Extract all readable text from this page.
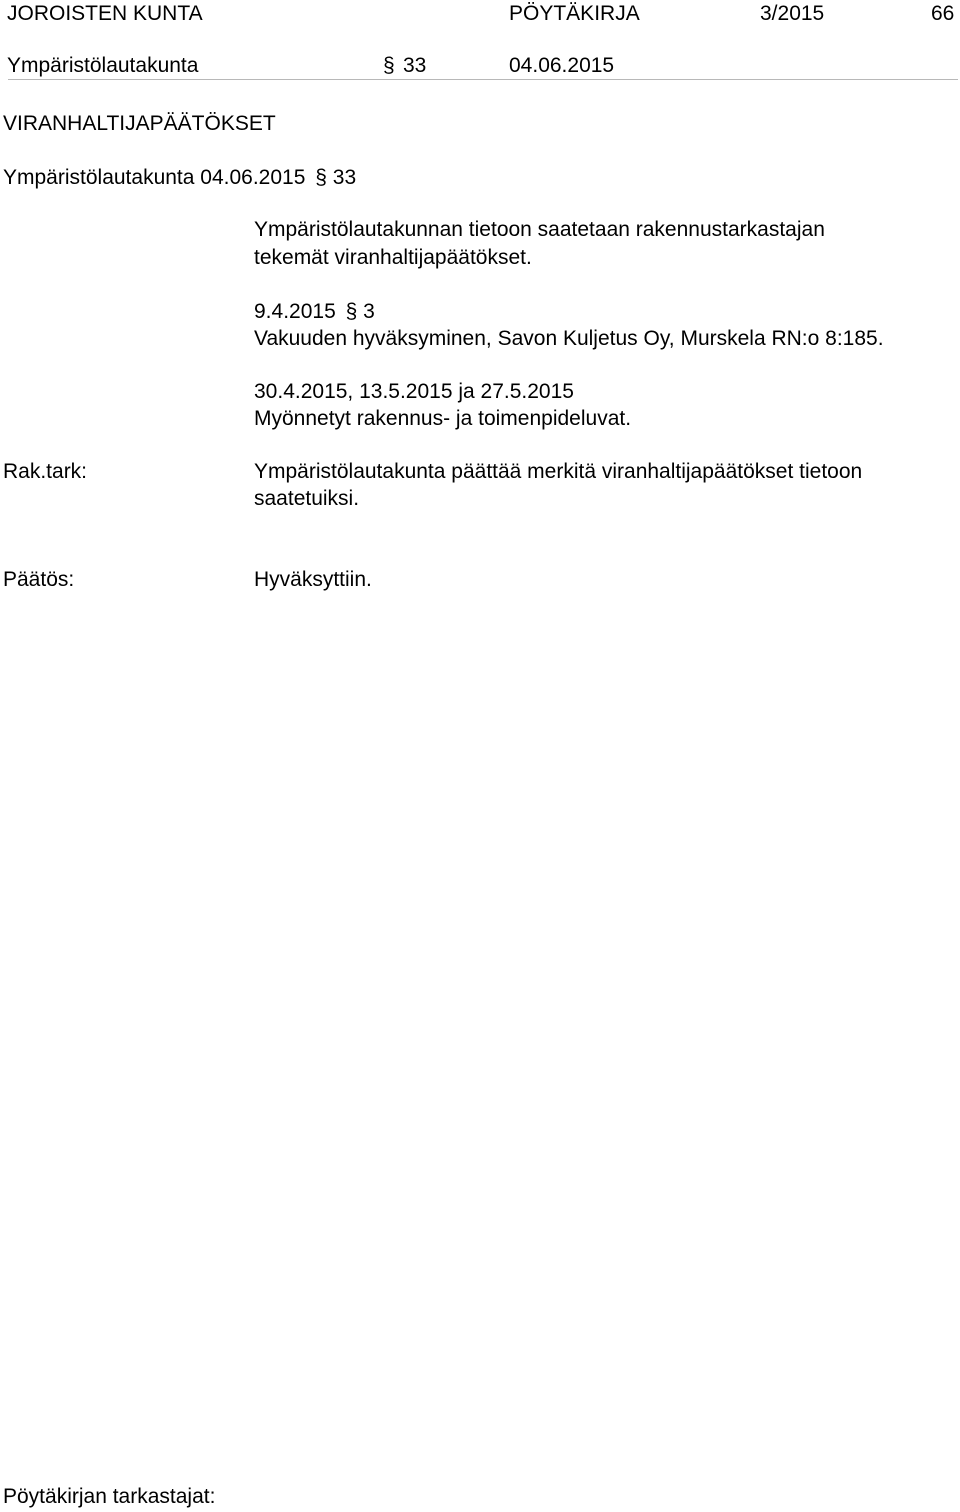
JOROISTEN KUNTA	PÖYTÄKIRJA	3/2015	66
Ympäristölautakunta	§ 33	04.06.2015
VIRANHALTIJAPÄÄTÖKSET
Ympäristölautakunta 04.06.2015 § 33
Ympäristölautakunnan tietoon saatetaan rakennustarkastajan
tekemät viranhaltijapäätökset.
9.4.2015 § 3
Vakuuden hyväksyminen, Savon Kuljetus Oy, Murskela RN:o 8:185.
30.4.2015, 13.5.2015 ja 27.5.2015
Myönnetyt rakennus- ja toimenpideluvat.
Rak.tark:	Ympäristölautakunta päättää merkitä viranhaltijapäätökset tietoon
saatetuiksi.
Päätös:	Hyväksyttiin.
Pöytäkirjan tarkastajat:
